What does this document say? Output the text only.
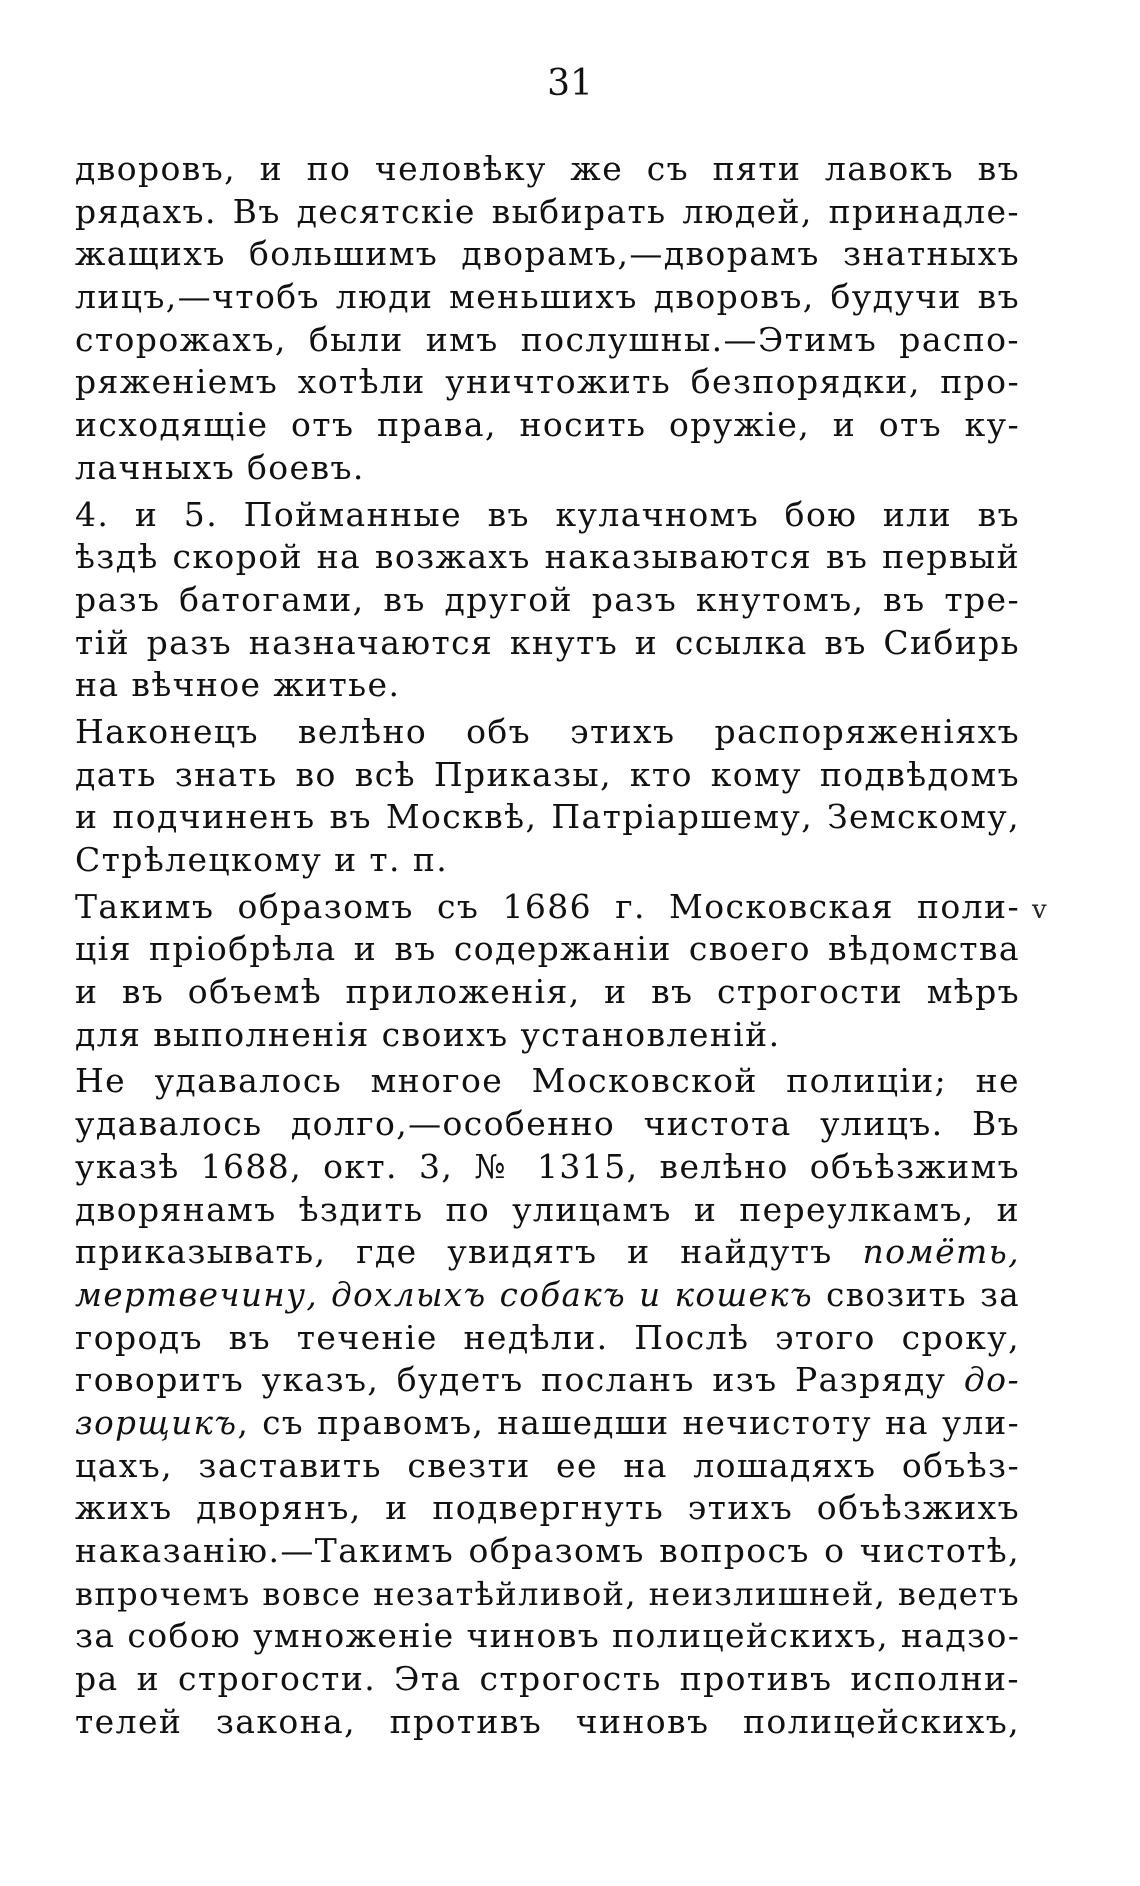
31
v
дворовъ, и по человѣку же съ пяти лавокъ въ
рядахъ. Въ десятскіе выбирать людей, принадле-
жащихъ большимъ дворамъ,—дворамъ знатныхъ
лицъ,—чтобъ люди меньшихъ дворовъ, будучи въ
сторожахъ, были имъ послушны.—Этимъ распо-
ряженіемъ хотѣли уничтожить безпорядки, про-
исходящіе отъ права, носить оружіе, и отъ ку-
лачныхъ боевъ.
4. и 5. Пойманные въ кулачномъ бою или въ
ѣздѣ скорой на возжахъ наказываются въ первый
разъ батогами, въ другой разъ кнутомъ, въ тре-
тій разъ назначаются кнутъ и ссылка въ Сибирь
на вѣчное житье.
Наконецъ велѣно объ этихъ распоряженіяхъ
дать знать во всѣ Приказы, кто кому подвѣдомъ
и подчиненъ въ Москвѣ, Патріаршему, Земскому,
Стрѣлецкому и т. п.
Такимъ образомъ съ 1686 г. Московская поли-
ція пріобрѣла и въ содержаніи своего вѣдомства
и въ объемѣ приложенія, и въ строгости мѣръ
для выполненія своихъ установленій.
Не удавалось многое Московской полиціи; не
удавалось долго,—особенно чистота улицъ. Въ
указѣ 1688, окт. 3, № 1315, велѣно объѣзжимъ
дворянамъ ѣздить по улицамъ и переулкамъ, и
приказывать, где увидятъ и найдутъ помёть,
мертвечину, дохлыхъ собакъ и кошекъ свозить за
городъ въ теченіе недѣли. Послѣ этого сроку,
говоритъ указъ, будетъ посланъ изъ Разряду до-
зорщикъ, съ правомъ, нашедши нечистоту на ули-
цахъ, заставить свезти ее на лошадяхъ объѣз-
жихъ дворянъ, и подвергнуть этихъ объѣзжихъ
наказанію.—Такимъ образомъ вопросъ о чистотѣ,
впрочемъ вовсе незатѣйливой, неизлишней, ведетъ
за собою умноженіе чиновъ полицейскихъ, надзо-
ра и строгости. Эта строгость противъ исполни-
телей закона, противъ чиновъ полицейскихъ,
